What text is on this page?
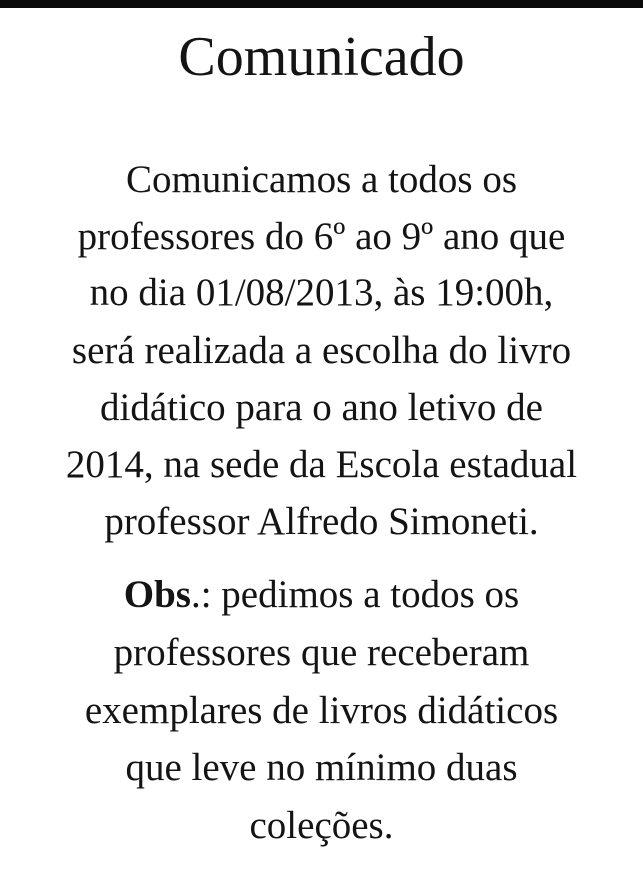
Comunicado
Comunicamos a todos os
professores do 6º ao 9º ano que
no dia 01/08/2013, às 19:00h,
será realizada a escolha do livro
didático para o ano letivo de
2014, na sede da Escola estadual
professor Alfredo Simoneti.
Obs.: pedimos a todos os
professores que receberam
exemplares de livros didáticos
que leve no mínimo duas
coleções.
